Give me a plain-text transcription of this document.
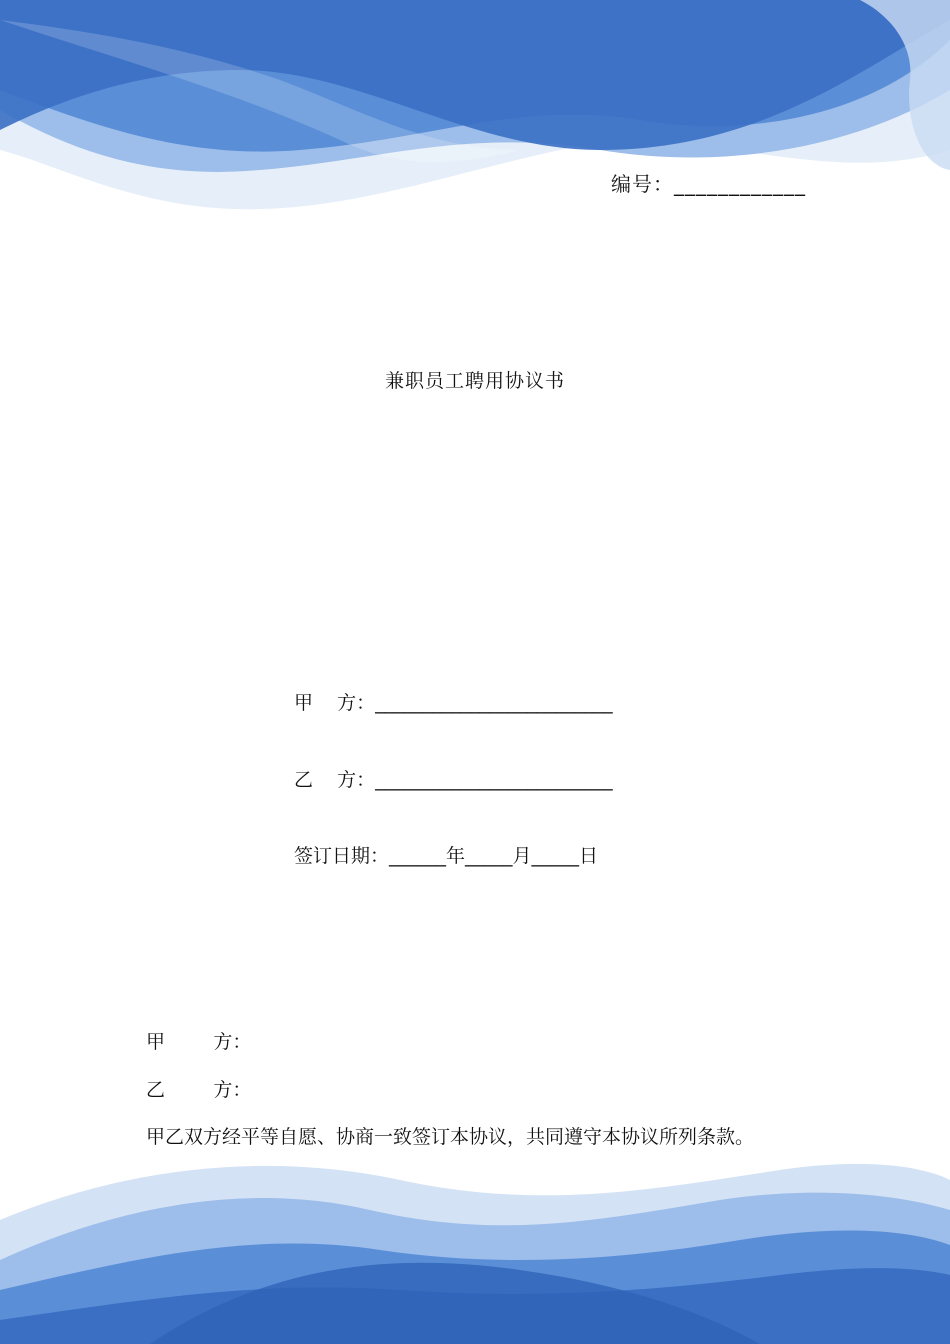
编号：____________
兼职员工聘用协议书
甲    方：_________________________
乙    方：_________________________
签订日期：______年_____月_____日
甲        方：
乙        方：
甲乙双方经平等自愿、协商一致签订本协议，共同遵守本协议所列条款。
